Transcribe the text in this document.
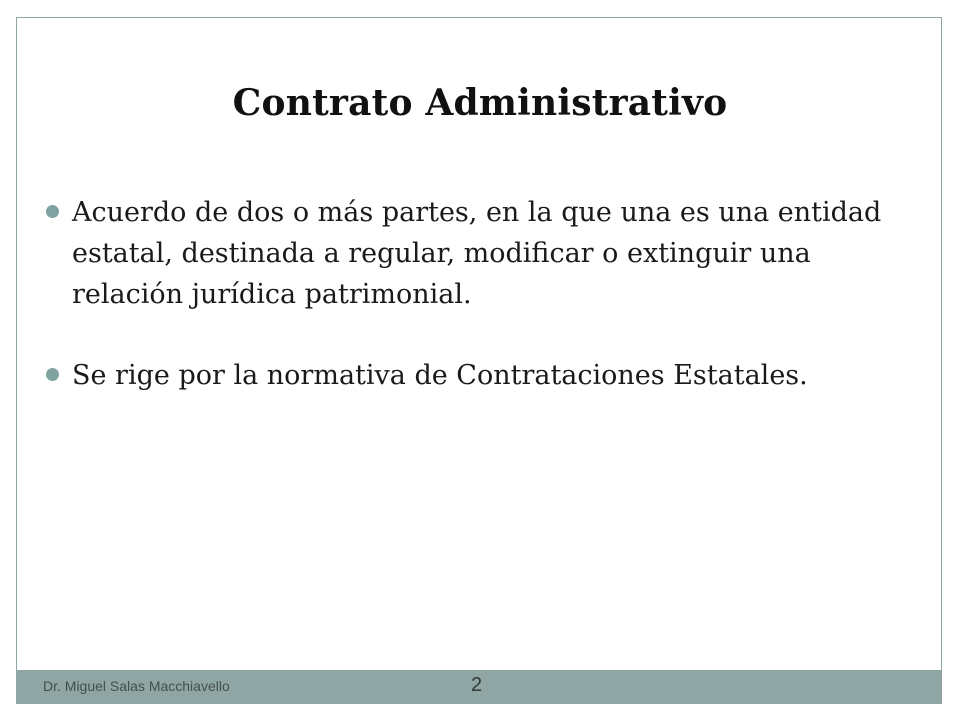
Contrato Administrativo
Acuerdo de dos o más partes, en la que una es una entidad estatal, destinada a regular, modificar o extinguir una relación jurídica patrimonial.
Se rige por la normativa de Contrataciones Estatales.
Dr. Miguel Salas Macchiavello	2
